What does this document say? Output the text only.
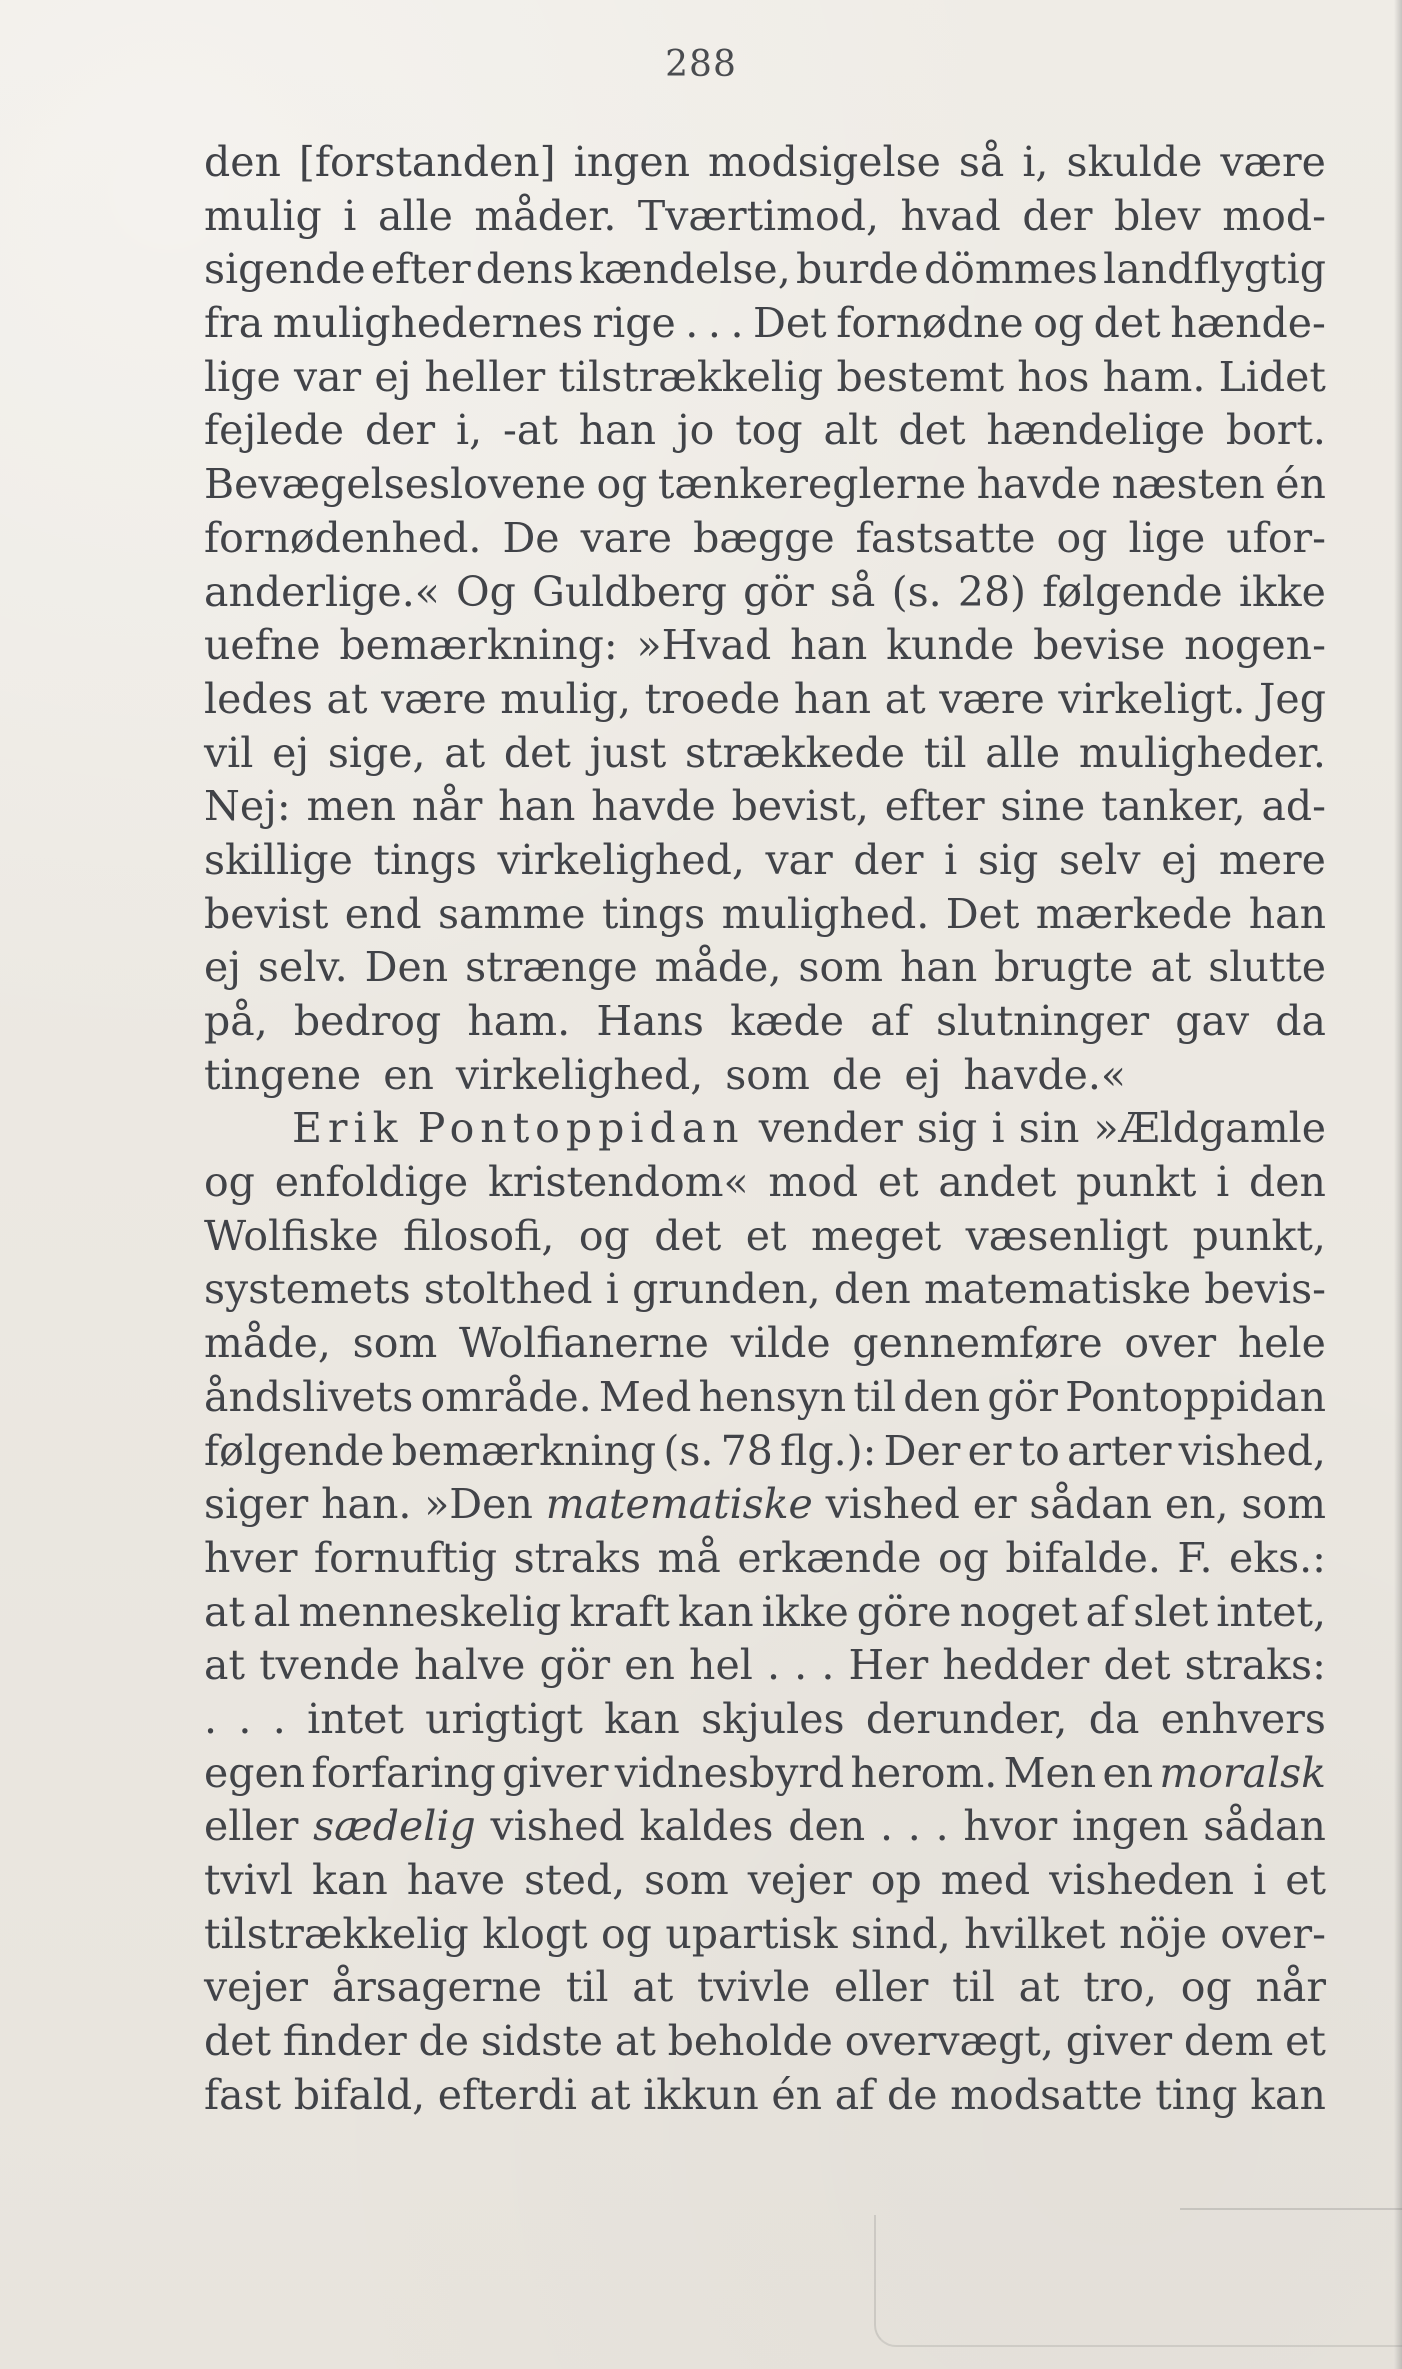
288
den [forstanden] ingen modsigelse så i, skulde være
mulig i alle måder. Tværtimod, hvad der blev mod-
sigende efter dens kændelse, burde dömmes landflygtig
fra mulighedernes rige . . . Det fornødne og det hænde-
lige var ej heller tilstrækkelig bestemt hos ham. Lidet
fejlede der i, -at han jo tog alt det hændelige bort.
Bevægelseslovene og tænkereglerne havde næsten én
fornødenhed. De vare bægge fastsatte og lige ufor-
anderlige.« Og Guldberg gör så (s. 28) følgende ikke
uefne bemærkning: »Hvad han kunde bevise nogen-
ledes at være mulig, troede han at være virkeligt. Jeg
vil ej sige, at det just strækkede til alle muligheder.
Nej: men når han havde bevist, efter sine tanker, ad-
skillige tings virkelighed, var der i sig selv ej mere
bevist end samme tings mulighed. Det mærkede han
ej selv. Den strænge måde, som han brugte at slutte
på, bedrog ham. Hans kæde af slutninger gav da
tingene en virkelighed, som de ej havde.«
Erik Pontoppidan vender sig i sin »Ældgamle
og enfoldige kristendom« mod et andet punkt i den
Wolfiske filosofi, og det et meget væsenligt punkt,
systemets stolthed i grunden, den matematiske bevis-
måde, som Wolfianerne vilde gennemføre over hele
åndslivets område. Med hensyn til den gör Pontoppidan
følgende bemærkning (s. 78 flg.): Der er to arter vished,
siger han. »Den matematiske vished er sådan en, som
hver fornuftig straks må erkænde og bifalde. F. eks.:
at al menneskelig kraft kan ikke göre noget af slet intet,
at tvende halve gör en hel . . . Her hedder det straks:
. . . intet urigtigt kan skjules derunder, da enhvers
egen forfaring giver vidnesbyrd herom. Men en moralsk
eller sædelig vished kaldes den . . . hvor ingen sådan
tvivl kan have sted, som vejer op med visheden i et
tilstrækkelig klogt og upartisk sind, hvilket nöje over-
vejer årsagerne til at tvivle eller til at tro, og når
det finder de sidste at beholde overvægt, giver dem et
fast bifald, efterdi at ikkun én af de modsatte ting kan
